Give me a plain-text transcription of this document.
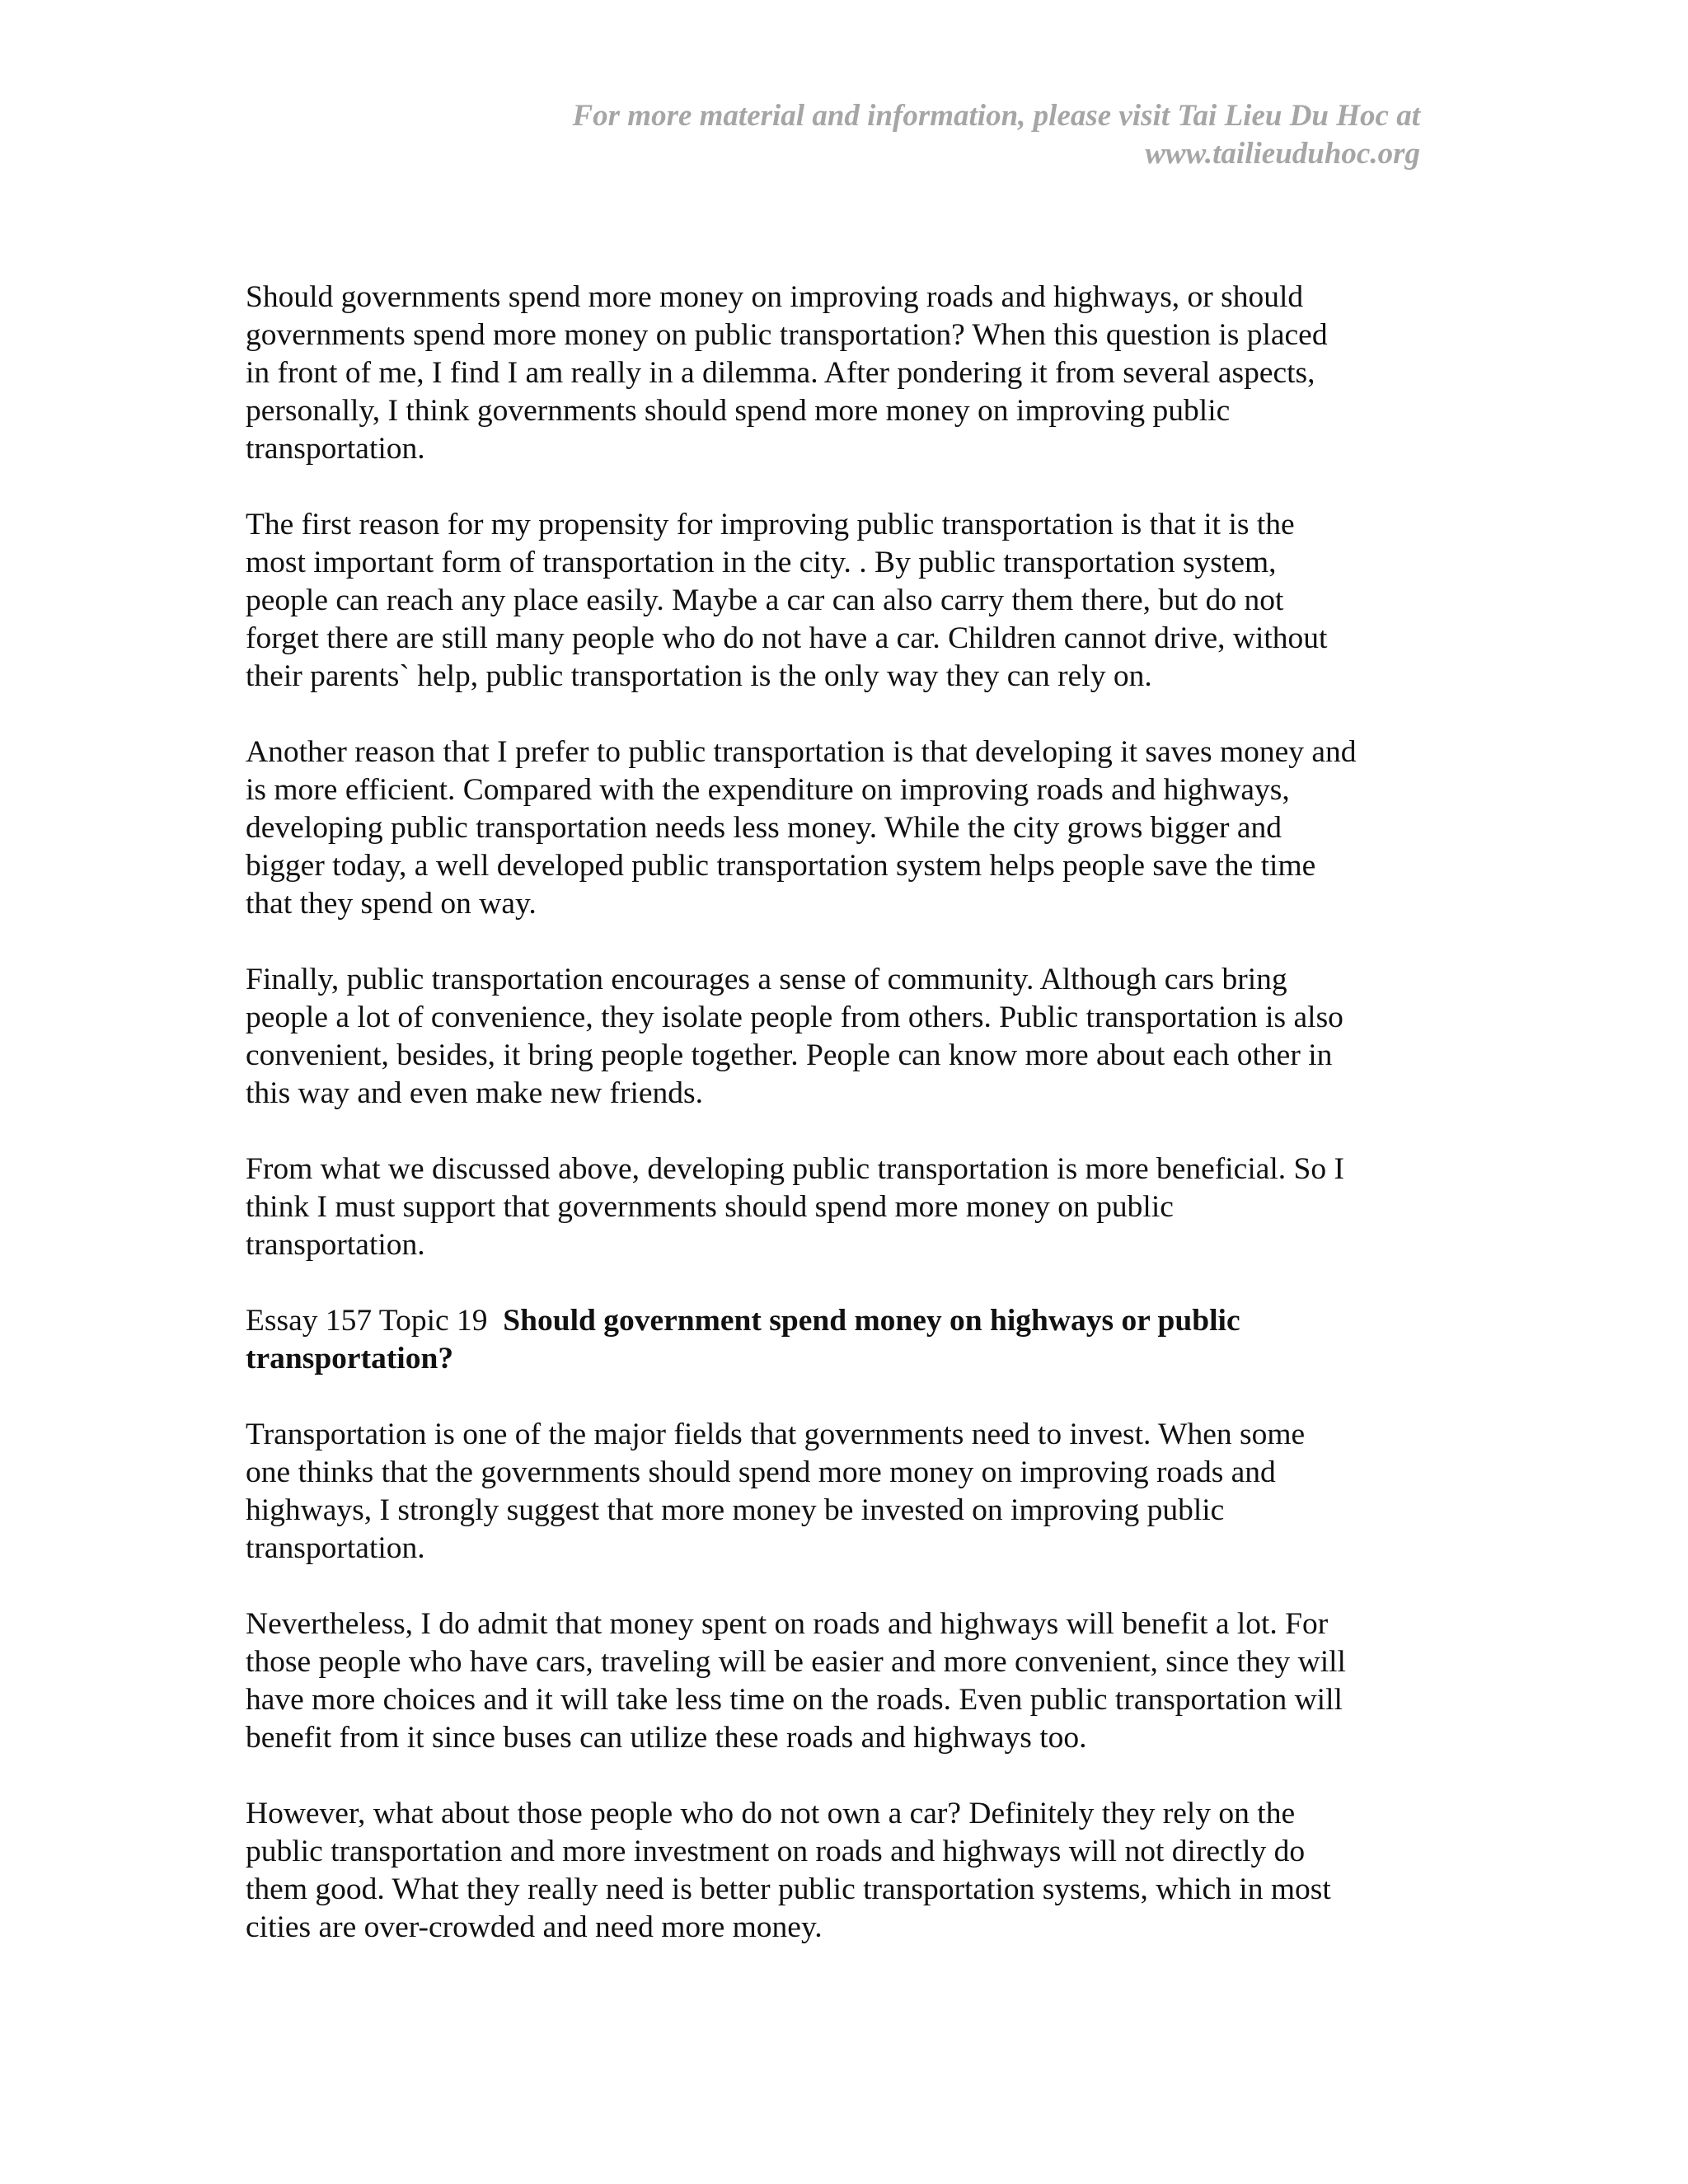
For more material and information, please visit Tai Lieu Du Hoc at
www.tailieuduhoc.org

Should governments spend more money on improving roads and highways, or should
governments spend more money on public transportation? When this question is placed
in front of me, I find I am really in a dilemma. After pondering it from several aspects,
personally, I think governments should spend more money on improving public
transportation.

The first reason for my propensity for improving public transportation is that it is the
most important form of transportation in the city. . By public transportation system,
people can reach any place easily. Maybe a car can also carry them there, but do not
forget there are still many people who do not have a car. Children cannot drive, without
their parents` help, public transportation is the only way they can rely on.

Another reason that I prefer to public transportation is that developing it saves money and
is more efficient. Compared with the expenditure on improving roads and highways,
developing public transportation needs less money. While the city grows bigger and
bigger today, a well developed public transportation system helps people save the time
that they spend on way.

Finally, public transportation encourages a sense of community. Although cars bring
people a lot of convenience, they isolate people from others. Public transportation is also
convenient, besides, it bring people together. People can know more about each other in
this way and even make new friends.

From what we discussed above, developing public transportation is more beneficial. So I
think I must support that governments should spend more money on public
transportation.

Essay 157 Topic 19 Should government spend money on highways or public
transportation?

Transportation is one of the major fields that governments need to invest. When some
one thinks that the governments should spend more money on improving roads and
highways, I strongly suggest that more money be invested on improving public
transportation.

Nevertheless, I do admit that money spent on roads and highways will benefit a lot. For
those people who have cars, traveling will be easier and more convenient, since they will
have more choices and it will take less time on the roads. Even public transportation will
benefit from it since buses can utilize these roads and highways too.

However, what about those people who do not own a car? Definitely they rely on the
public transportation and more investment on roads and highways will not directly do
them good. What they really need is better public transportation systems, which in most
cities are over-crowded and need more money.
